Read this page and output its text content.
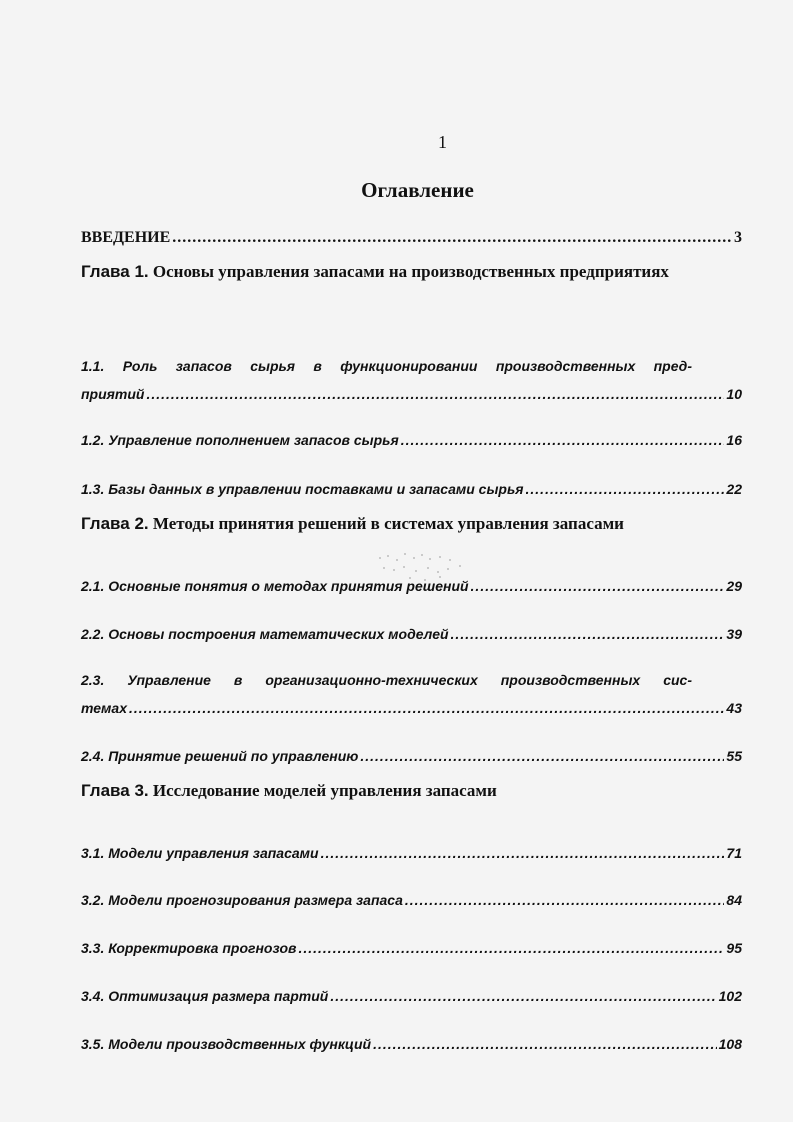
1
Оглавление
ВВЕДЕНИЕ .....	3
Глава 1. Основы управления запасами на производственных предприятиях
1.1. Роль запасов сырья в функционировании производственных пред-
приятий .....	10
1.2. Управление пополнением запасов сырья .....	16
1.3. Базы данных в управлении поставками и запасами сырья .....	22
Глава 2. Методы принятия решений в системах управления запасами
2.1. Основные понятия о методах принятия решений .....	29
2.2. Основы построения математических моделей .....	39
2.3. Управление в организационно-технических производственных сис-
темах .....	43
2.4. Принятие решений по управлению .....	55
Глава 3. Исследование моделей управления запасами
3.1. Модели управления запасами .....	71
3.2. Модели прогнозирования размера запаса .....	84
3.3. Корректировка прогнозов .....	95
3.4. Оптимизация размера партий .....	102
3.5. Модели производственных функций .....	108
